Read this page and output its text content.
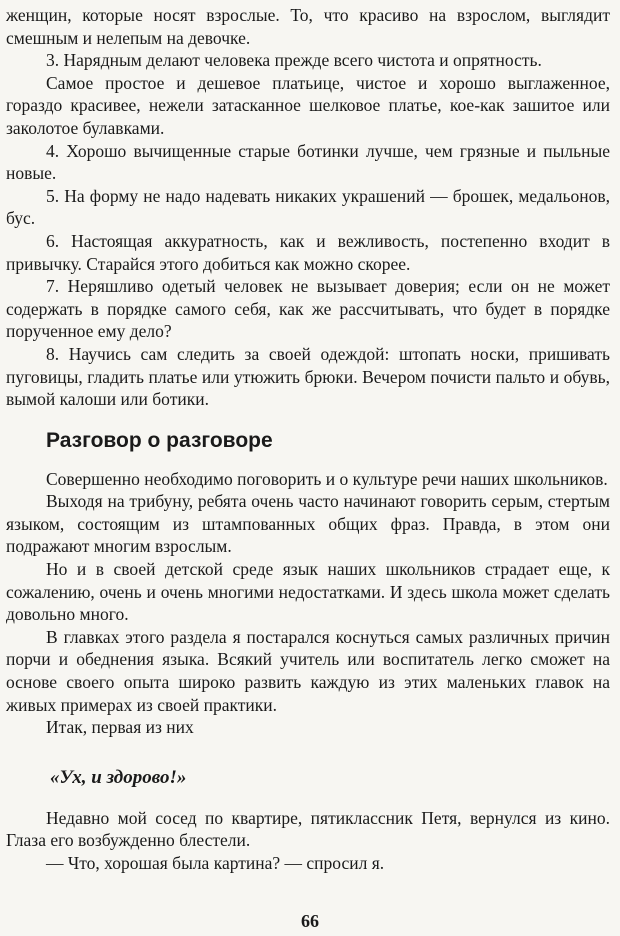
женщин, которые носят взрослые. То, что красиво на взрослом, выглядит смешным и нелепым на девочке.

3. Нарядным делают человека прежде всего чистота и опрятность.

Самое простое и дешевое платьице, чистое и хорошо выглаженное, гораздо красивее, нежели затасканное шелковое платье, кое-как зашитое или заколотое булавками.

4. Хорошо вычищенные старые ботинки лучше, чем грязные и пыльные новые.

5. На форму не надо надевать никаких украшений — брошек, медальонов, бус.

6. Настоящая аккуратность, как и вежливость, постепенно входит в привычку. Старайся этого добиться как можно скорее.

7. Неряшливо одетый человек не вызывает доверия; если он не может содержать в порядке самого себя, как же рассчитывать, что будет в порядке порученное ему дело?

8. Научись сам следить за своей одеждой: штопать носки, пришивать пуговицы, гладить платье или утюжить брюки. Вечером почисти пальто и обувь, вымой калоши или ботики.

Разговор о разговоре

Совершенно необходимо поговорить и о культуре речи наших школьников.

Выходя на трибуну, ребята очень часто начинают говорить серым, стертым языком, состоящим из штампованных общих фраз. Правда, в этом они подражают многим взрослым.

Но и в своей детской среде язык наших школьников страдает еще, к сожалению, очень и очень многими недостатками. И здесь школа может сделать довольно много.

В главках этого раздела я постарался коснуться самых различных причин порчи и обеднения языка. Всякий учитель или воспитатель легко сможет на основе своего опыта широко развить каждую из этих маленьких главок на живых примерах из своей практики.

Итак, первая из них

«Ух, и здорово!»

Недавно мой сосед по квартире, пятиклассник Петя, вернулся из кино. Глаза его возбужденно блестели.

— Что, хорошая была картина? — спросил я.

66
